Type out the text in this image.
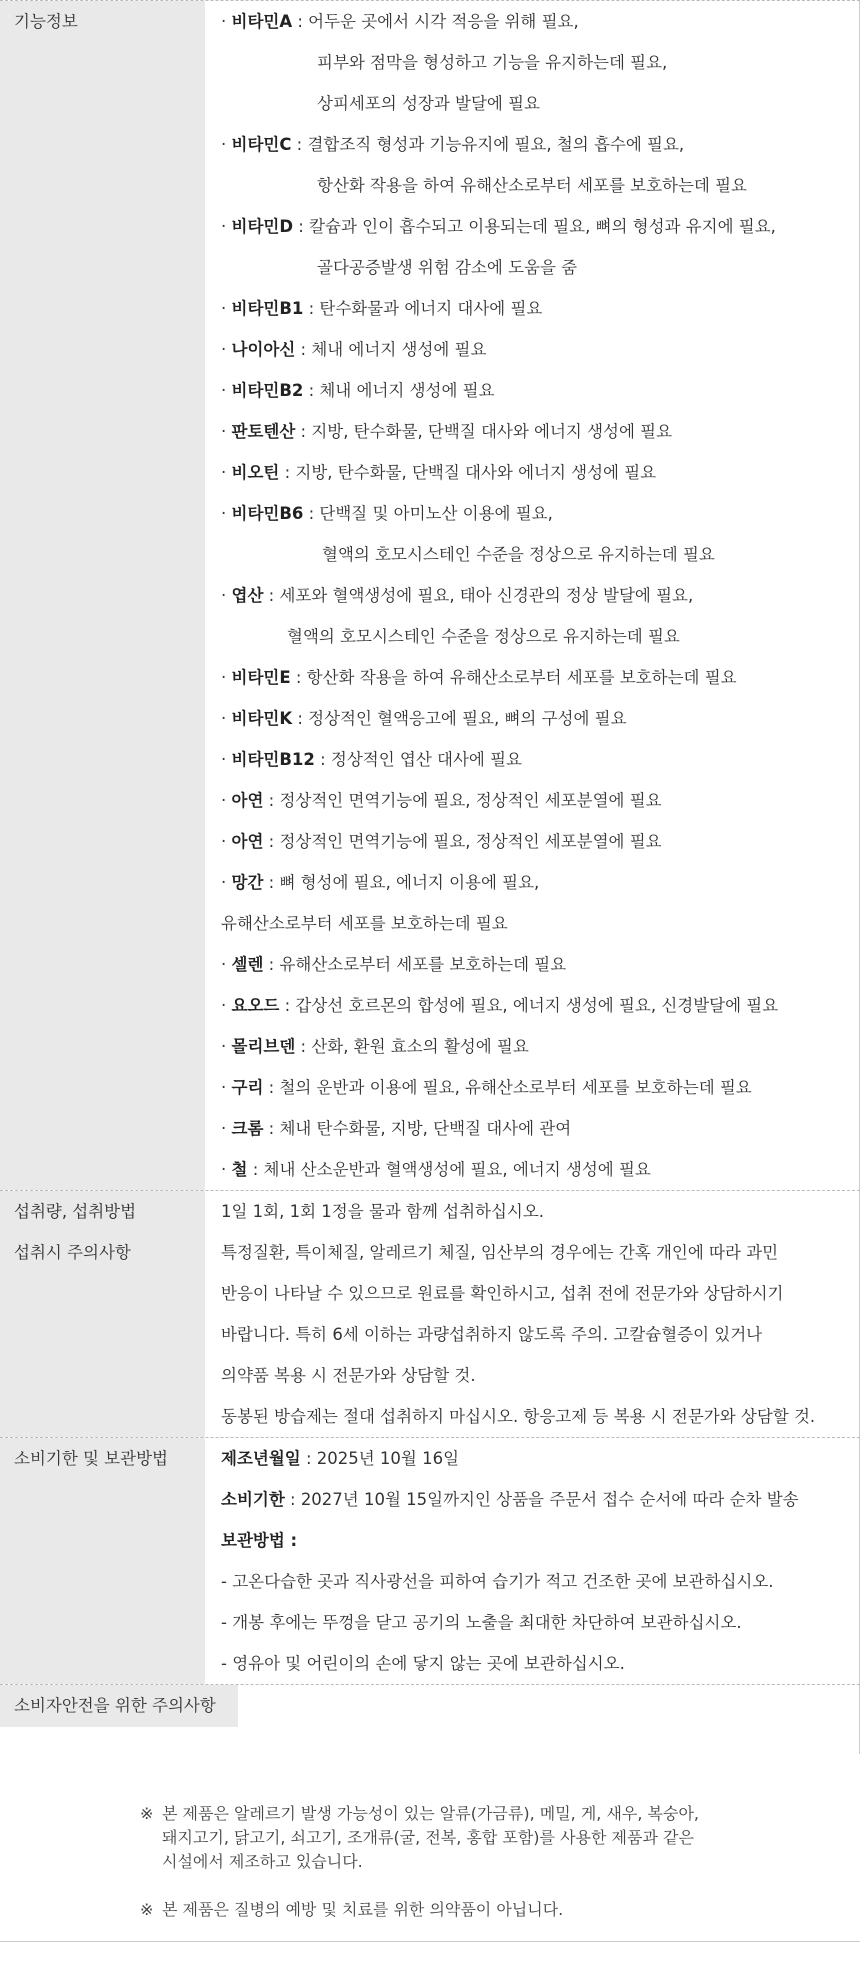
기능정보	· 비타민A : 어두운 곳에서 시각 적응을 위해 필요,
피부와 점막을 형성하고 기능을 유지하는데 필요,
상피세포의 성장과 발달에 필요
· 비타민C : 결합조직 형성과 기능유지에 필요, 철의 흡수에 필요,
항산화 작용을 하여 유해산소로부터 세포를 보호하는데 필요
· 비타민D : 칼슘과 인이 흡수되고 이용되는데 필요, 뼈의 형성과 유지에 필요,
골다공증발생 위험 감소에 도움을 줌
· 비타민B1 : 탄수화물과 에너지 대사에 필요
· 나이아신 : 체내 에너지 생성에 필요
· 비타민B2 : 체내 에너지 생성에 필요
· 판토텐산 : 지방, 탄수화물, 단백질 대사와 에너지 생성에 필요
· 비오틴 : 지방, 탄수화물, 단백질 대사와 에너지 생성에 필요
· 비타민B6 : 단백질 및 아미노산 이용에 필요,
혈액의 호모시스테인 수준을 정상으로 유지하는데 필요
· 엽산 : 세포와 혈액생성에 필요, 태아 신경관의 정상 발달에 필요,
혈액의 호모시스테인 수준을 정상으로 유지하는데 필요
· 비타민E : 항산화 작용을 하여 유해산소로부터 세포를 보호하는데 필요
· 비타민K : 정상적인 혈액응고에 필요, 뼈의 구성에 필요
· 비타민B12 : 정상적인 엽산 대사에 필요
· 아연 : 정상적인 면역기능에 필요, 정상적인 세포분열에 필요
· 아연 : 정상적인 면역기능에 필요, 정상적인 세포분열에 필요
· 망간 : 뼈 형성에 필요, 에너지 이용에 필요,
유해산소로부터 세포를 보호하는데 필요
· 셀렌 : 유해산소로부터 세포를 보호하는데 필요
· 요오드 : 갑상선 호르몬의 합성에 필요, 에너지 생성에 필요, 신경발달에 필요
· 몰리브덴 : 산화, 환원 효소의 활성에 필요
· 구리 : 철의 운반과 이용에 필요, 유해산소로부터 세포를 보호하는데 필요
· 크롬 : 체내 탄수화물, 지방, 단백질 대사에 관여
· 철 : 체내 산소운반과 혈액생성에 필요, 에너지 생성에 필요
섭취량, 섭취방법
섭취시 주의사항
1일 1회, 1회 1정을 물과 함께 섭취하십시오.
특정질환, 특이체질, 알레르기 체질, 임산부의 경우에는 간혹 개인에 따라 과민
반응이 나타날 수 있으므로 원료를 확인하시고, 섭취 전에 전문가와 상담하시기
바랍니다. 특히 6세 이하는 과량섭취하지 않도록 주의. 고칼슘혈증이 있거나
의약품 복용 시 전문가와 상담할 것.
동봉된 방습제는 절대 섭취하지 마십시오. 항응고제 등 복용 시 전문가와 상담할 것.
소비기한 및 보관방법	제조년월일 : 2025년 10월 16일
소비기한 : 2027년 10월 15일까지인 상품을 주문서 접수 순서에 따라 순차 발송
보관방법 :
- 고온다습한 곳과 직사광선을 피하여 습기가 적고 건조한 곳에 보관하십시오.
- 개봉 후에는 뚜껑을 닫고 공기의 노출을 최대한 차단하여 보관하십시오.
- 영유아 및 어린이의 손에 닿지 않는 곳에 보관하십시오.
소비자안전을 위한 주의사항
※ 본 제품은 알레르기 발생 가능성이 있는 알류(가금류), 메밀, 게, 새우, 복숭아,
돼지고기, 닭고기, 쇠고기, 조개류(굴, 전복, 홍합 포함)를 사용한 제품과 같은
시설에서 제조하고 있습니다.
※ 본 제품은 질병의 예방 및 치료를 위한 의약품이 아닙니다.
